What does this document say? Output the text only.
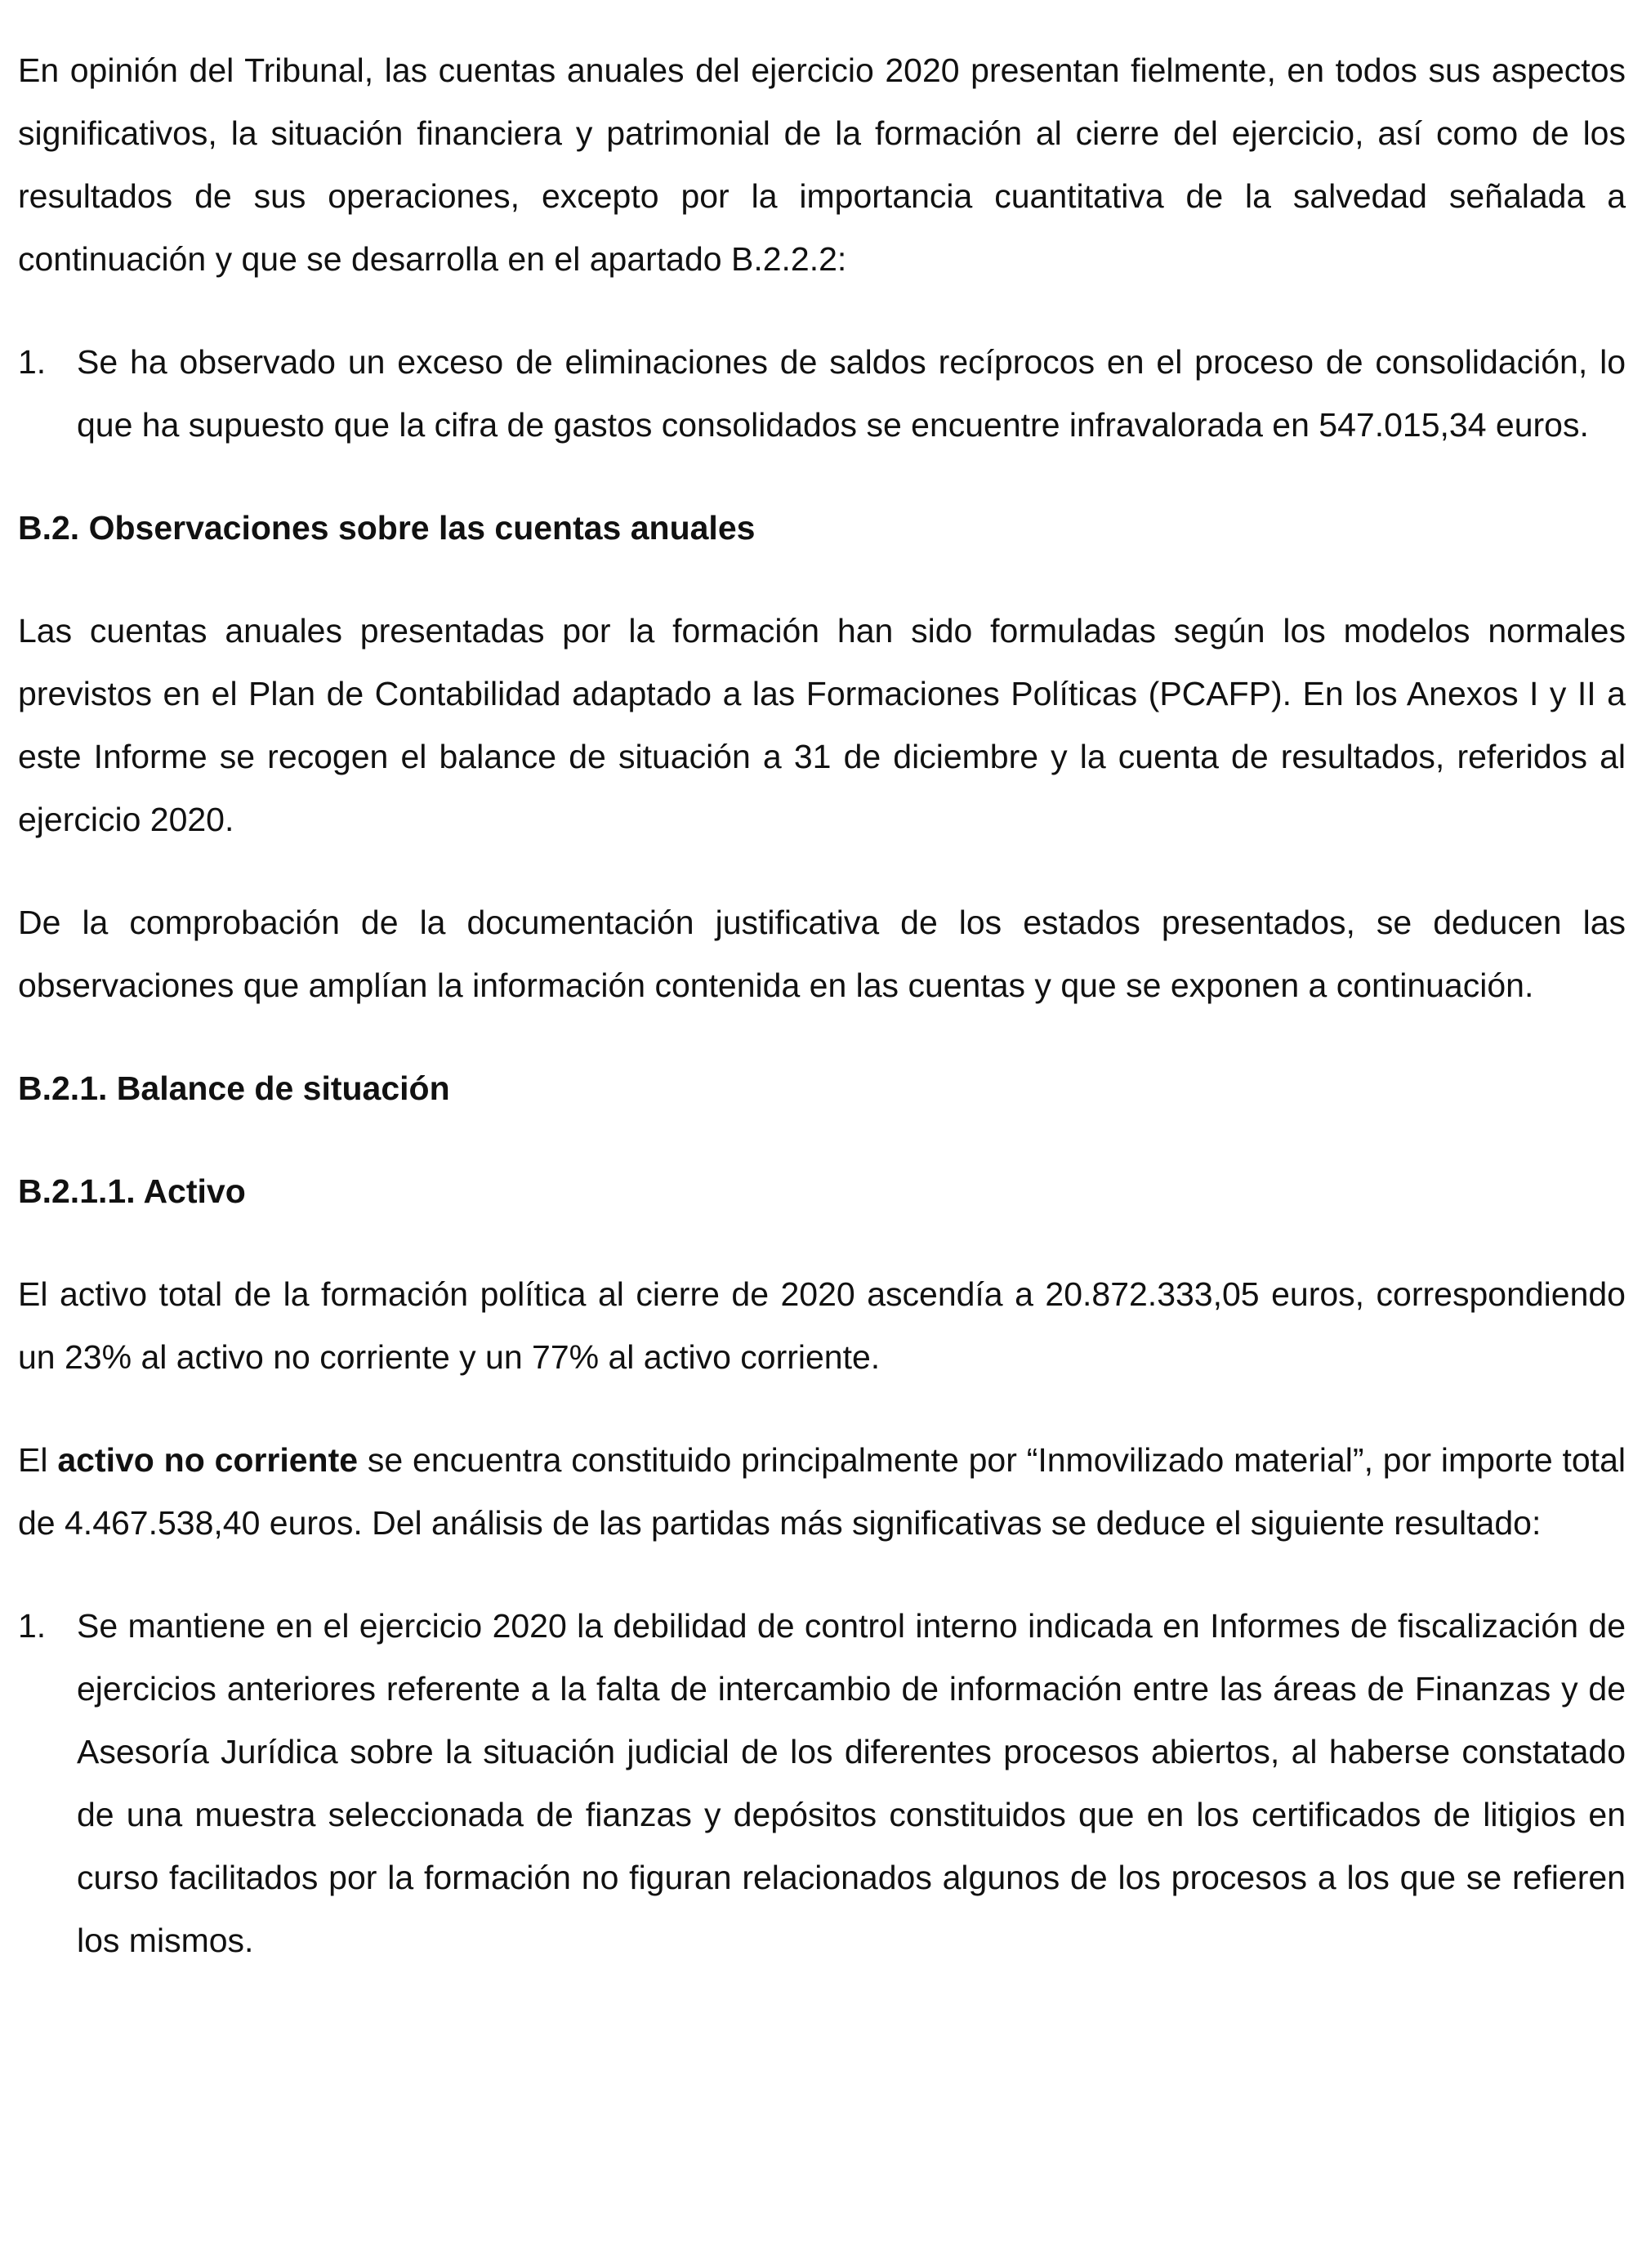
En opinión del Tribunal, las cuentas anuales del ejercicio 2020 presentan fielmente, en todos sus aspectos significativos, la situación financiera y patrimonial de la formación al cierre del ejercicio, así como de los resultados de sus operaciones, excepto por la importancia cuantitativa de la salvedad señalada a continuación y que se desarrolla en el apartado B.2.2.2:

1. Se ha observado un exceso de eliminaciones de saldos recíprocos en el proceso de consolidación, lo que ha supuesto que la cifra de gastos consolidados se encuentre infravalorada en 547.015,34 euros.
B.2. Observaciones sobre las cuentas anuales

Las cuentas anuales presentadas por la formación han sido formuladas según los modelos normales previstos en el Plan de Contabilidad adaptado a las Formaciones Políticas (PCAFP). En los Anexos I y II a este Informe se recogen el balance de situación a 31 de diciembre y la cuenta de resultados, referidos al ejercicio 2020.

De la comprobación de la documentación justificativa de los estados presentados, se deducen las observaciones que amplían la información contenida en las cuentas y que se exponen a continuación.

B.2.1. Balance de situación
B.2.1.1. Activo

El activo total de la formación política al cierre de 2020 ascendía a 20.872.333,05 euros, correspondiendo un 23% al activo no corriente y un 77% al activo corriente.

El activo no corriente se encuentra constituido principalmente por “Inmovilizado material”, por importe total de 4.467.538,40 euros. Del análisis de las partidas más significativas se deduce el siguiente resultado:

1. Se mantiene en el ejercicio 2020 la debilidad de control interno indicada en Informes de fiscalización de ejercicios anteriores referente a la falta de intercambio de información entre las áreas de Finanzas y de Asesoría Jurídica sobre la situación judicial de los diferentes procesos abiertos, al haberse constatado de una muestra seleccionada de fianzas y depósitos constituidos que en los certificados de litigios en curso facilitados por la formación no figuran relacionados algunos de los procesos a los que se refieren los mismos.
